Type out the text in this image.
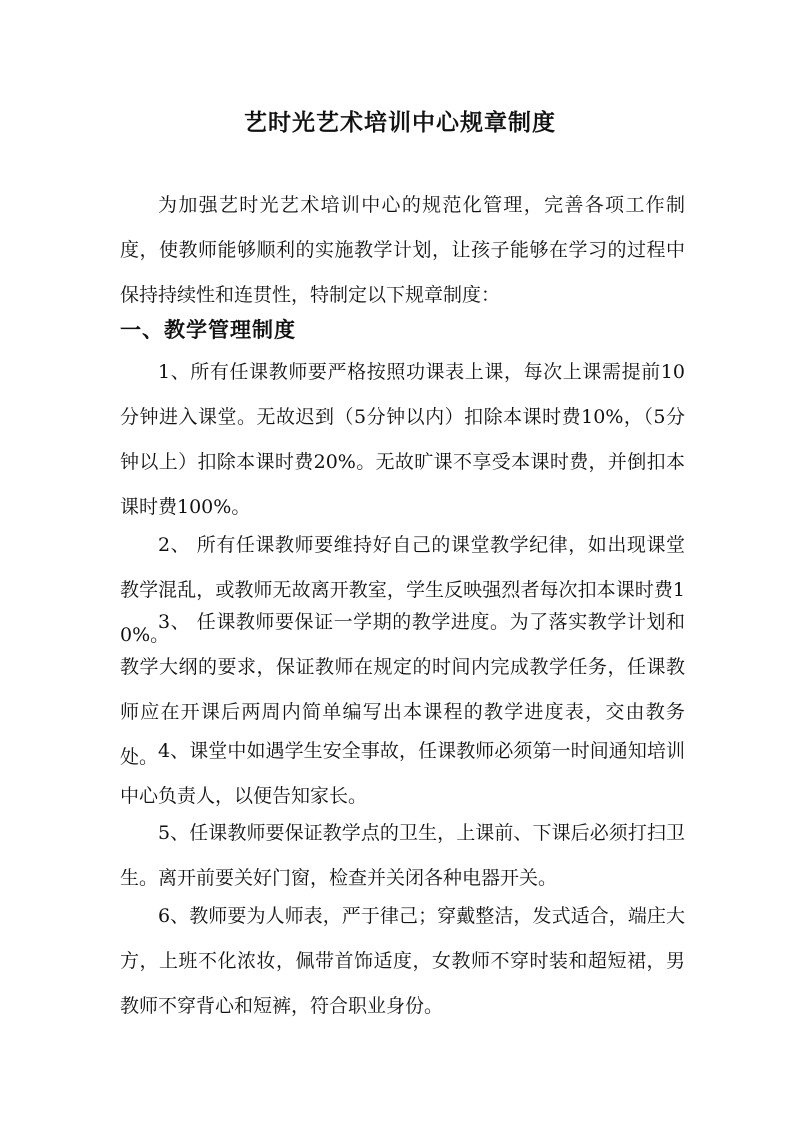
艺时光艺术培训中心规章制度

为加强艺时光艺术培训中心的规范化管理，完善各项工作制度，使教师能够顺利的实施教学计划，让孩子能够在学习的过程中保持持续性和连贯性，特制定以下规章制度：

一、教学管理制度

1、所有任课教师要严格按照功课表上课，每次上课需提前10分钟进入课堂。无故迟到（5分钟以内）扣除本课时费10%，（5分钟以上）扣除本课时费20%。无故旷课不享受本课时费，并倒扣本课时费100%。

2、 所有任课教师要维持好自己的课堂教学纪律，如出现课堂教学混乱，或教师无故离开教室，学生反映强烈者每次扣本课时费10%。

3、 任课教师要保证一学期的教学进度。为了落实教学计划和教学大纲的要求，保证教师在规定的时间内完成教学任务，任课教师应在开课后两周内简单编写出本课程的教学进度表，交由教务处。 4、课堂中如遇学生安全事故，任课教师必须第一时间通知培训中心负责人，以便告知家长。

5、任课教师要保证教学点的卫生，上课前、下课后必须打扫卫生。离开前要关好门窗，检查并关闭各种电器开关。

6、教师要为人师表，严于律己；穿戴整洁，发式适合，端庄大方，上班不化浓妆，佩带首饰适度，女教师不穿时装和超短裙，男教师不穿背心和短裤，符合职业身份。
